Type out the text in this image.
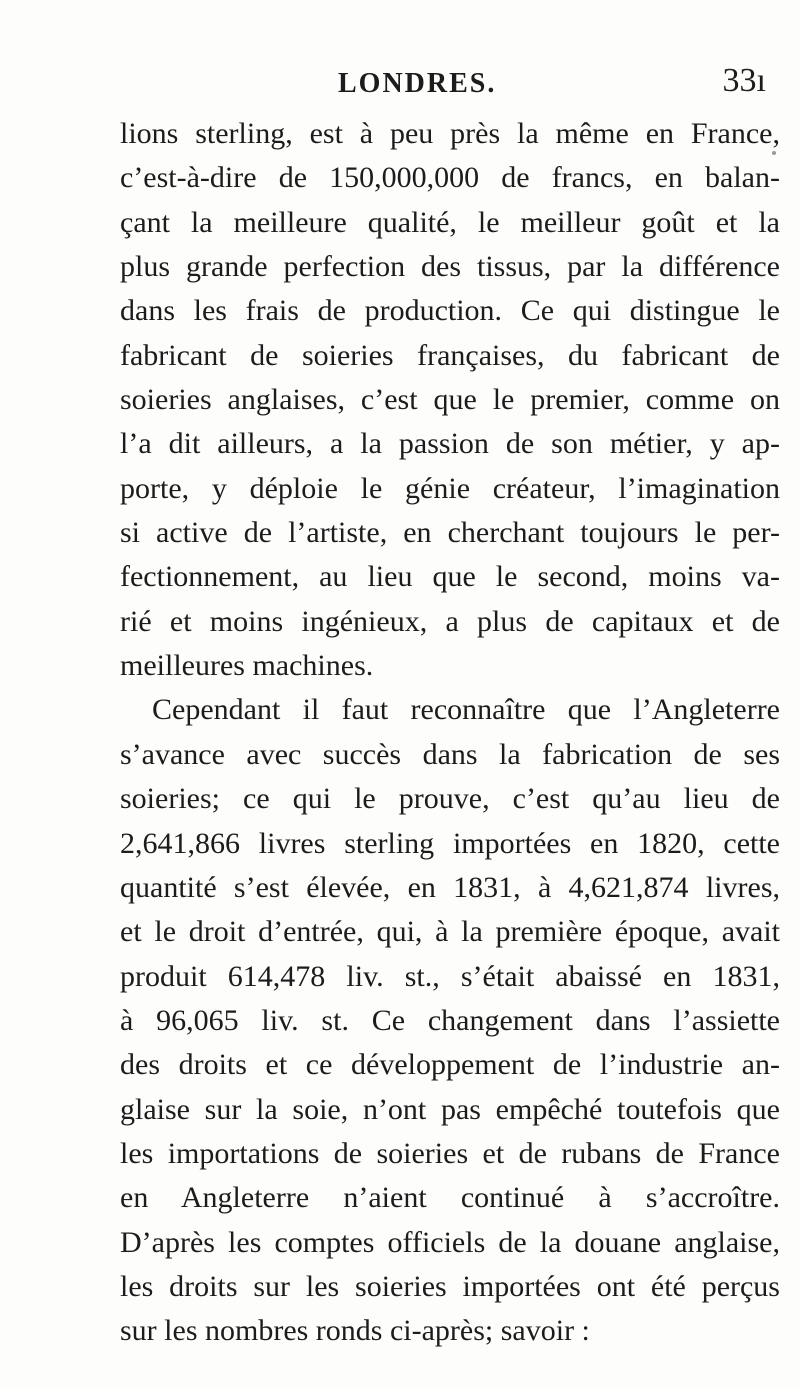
LONDRES.	33ı
lions sterling, est à peu près la même en France,
c’est-à-dire de 150,000,000 de francs, en balan-
çant la meilleure qualité, le meilleur goût et la
plus grande perfection des tissus, par la différence
dans les frais de production. Ce qui distingue le
fabricant de soieries françaises, du fabricant de
soieries anglaises, c’est que le premier, comme on
l’a dit ailleurs, a la passion de son métier, y ap-
porte, y déploie le génie créateur, l’imagination
si active de l’artiste, en cherchant toujours le per-
fectionnement, au lieu que le second, moins va-
rié et moins ingénieux, a plus de capitaux et de
meilleures machines.
Cependant il faut reconnaître que l’Angleterre
s’avance avec succès dans la fabrication de ses
soieries; ce qui le prouve, c’est qu’au lieu de
2,641,866 livres sterling importées en 1820, cette
quantité s’est élevée, en 1831, à 4,621,874 livres,
et le droit d’entrée, qui, à la première époque, avait
produit 614,478 liv. st., s’était abaissé en 1831,
à 96,065 liv. st. Ce changement dans l’assiette
des droits et ce développement de l’industrie an-
glaise sur la soie, n’ont pas empêché toutefois que
les importations de soieries et de rubans de France
en Angleterre n’aient continué à s’accroître.
D’après les comptes officiels de la douane anglaise,
les droits sur les soieries importées ont été perçus
sur les nombres ronds ci-après; savoir :
